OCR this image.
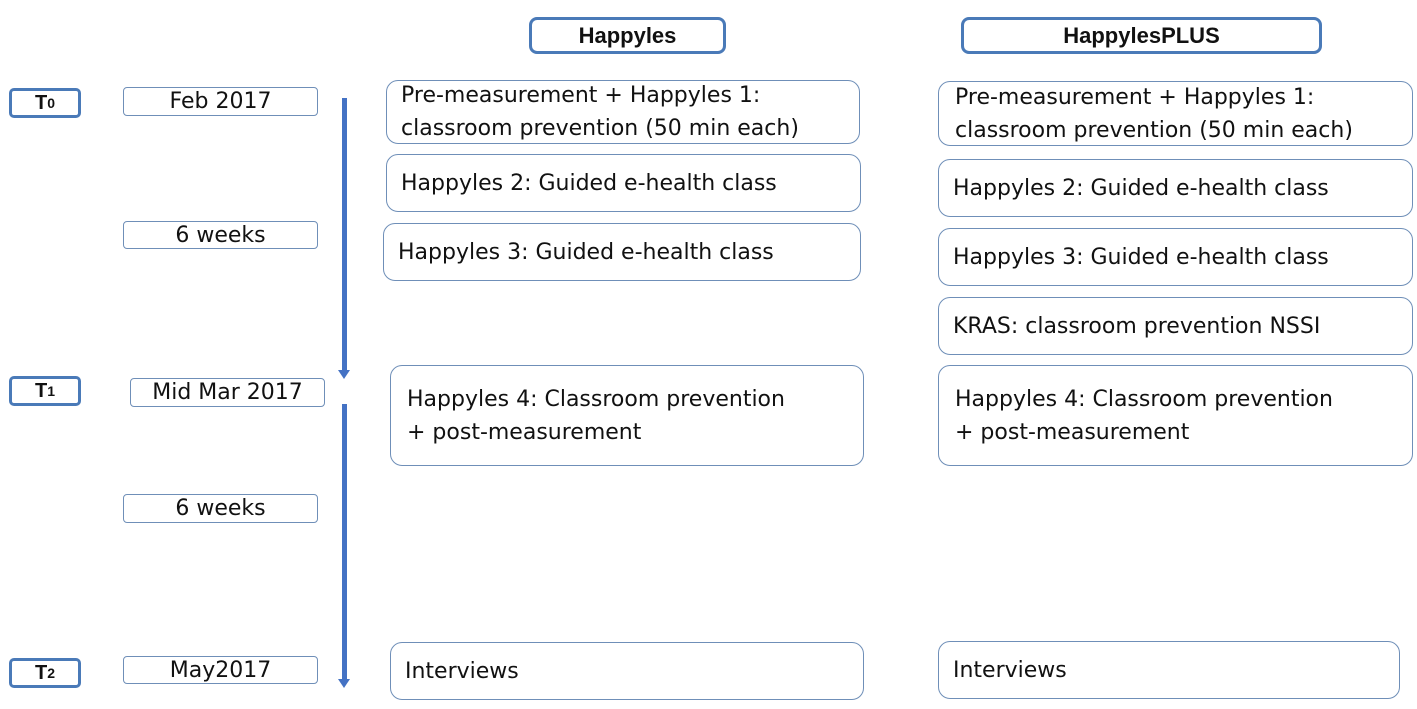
Happyles	HappylesPLUS
T 0
T 1
T 2
Feb 2017
6 weeks
Mid Mar 2017
6 weeks
May2017
Pre-measurement + Happyles 1:
classroom prevention (50 min each)
Happyles 2: Guided e-health class
Happyles 3: Guided e-health class
Happyles 4: Classroom prevention
+ post-measurement
Interviews
Pre-measurement + Happyles 1:
classroom prevention (50 min each)
Happyles 2: Guided e-health class
Happyles 3: Guided e-health class
KRAS: classroom prevention NSSI
Happyles 4: Classroom prevention
+ post-measurement
Interviews
